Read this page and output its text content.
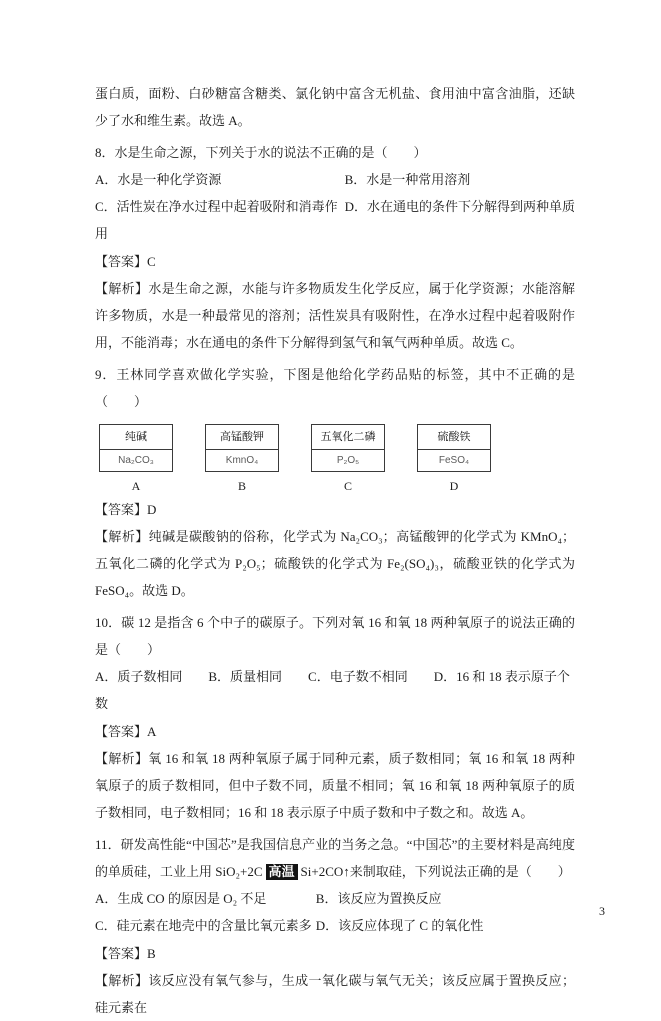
蛋白质，面粉、白砂糖富含糖类、氯化钠中富含无机盐、食用油中富含油脂，还缺少了水和维生素。故选 A。

8．水是生命之源，下列关于水的说法不正确的是（　　）

A．水是一种化学资源	B．水是一种常用溶剂
C．活性炭在净水过程中起着吸附和消毒作用
D．水在通电的条件下分解得到两种单质

【答案】C

【解析】水是生命之源，水能与许多物质发生化学反应，属于化学资源；水能溶解许多物质，水是一种最常见的溶剂；活性炭具有吸附性，在净水过程中起着吸附作用，不能消毒；水在通电的条件下分解得到氢气和氧气两种单质。故选 C。

9．王林同学喜欢做化学实验，下图是他给化学药品贴的标签，其中不正确的是（　　）

纯碱
Na₂CO₃
A
高锰酸钾
KmnO₄
B
五氧化二磷
P₂O₅
C
硫酸铁
FeSO₄
D

【答案】D

【解析】纯碱是碳酸钠的俗称，化学式为 Na₂CO₃；高锰酸钾的化学式为 KMnO₄；五氧化二磷的化学式为 P₂O₅；硫酸铁的化学式为 Fe₂(SO₄)₃，硫酸亚铁的化学式为 FeSO₄。故选 D。

10．碳 12 是指含 6 个中子的碳原子。下列对氧 16 和氧 18 两种氧原子的说法正确的是（　　）

A．质子数相同　　B．质量相同　　C．电子数不相同　　D．16 和 18 表示原子个数

【答案】A

【解析】氧 16 和氧 18 两种氧原子属于同种元素，质子数相同；氧 16 和氧 18 两种氧原子的质子数相同，但中子数不同，质量不相同；氧 16 和氧 18 两种氧原子的质子数相同，电子数相同；16 和 18 表示原子中质子数和中子数之和。故选 A。

11．研发高性能“中国芯”是我国信息产业的当务之急。“中国芯”的主要材料是高纯度的单质硅，工业上用 SiO₂+2C 高温 Si+2CO↑来制取硅，下列说法正确的是（　　）

A．生成 CO 的原因是 O₂ 不足	B．该反应为置换反应
C．硅元素在地壳中的含量比氧元素多 D．该反应体现了 C 的氧化性

【答案】B

【解析】该反应没有氧气参与，生成一氧化碳与氧气无关；该反应属于置换反应；硅元素在

3
